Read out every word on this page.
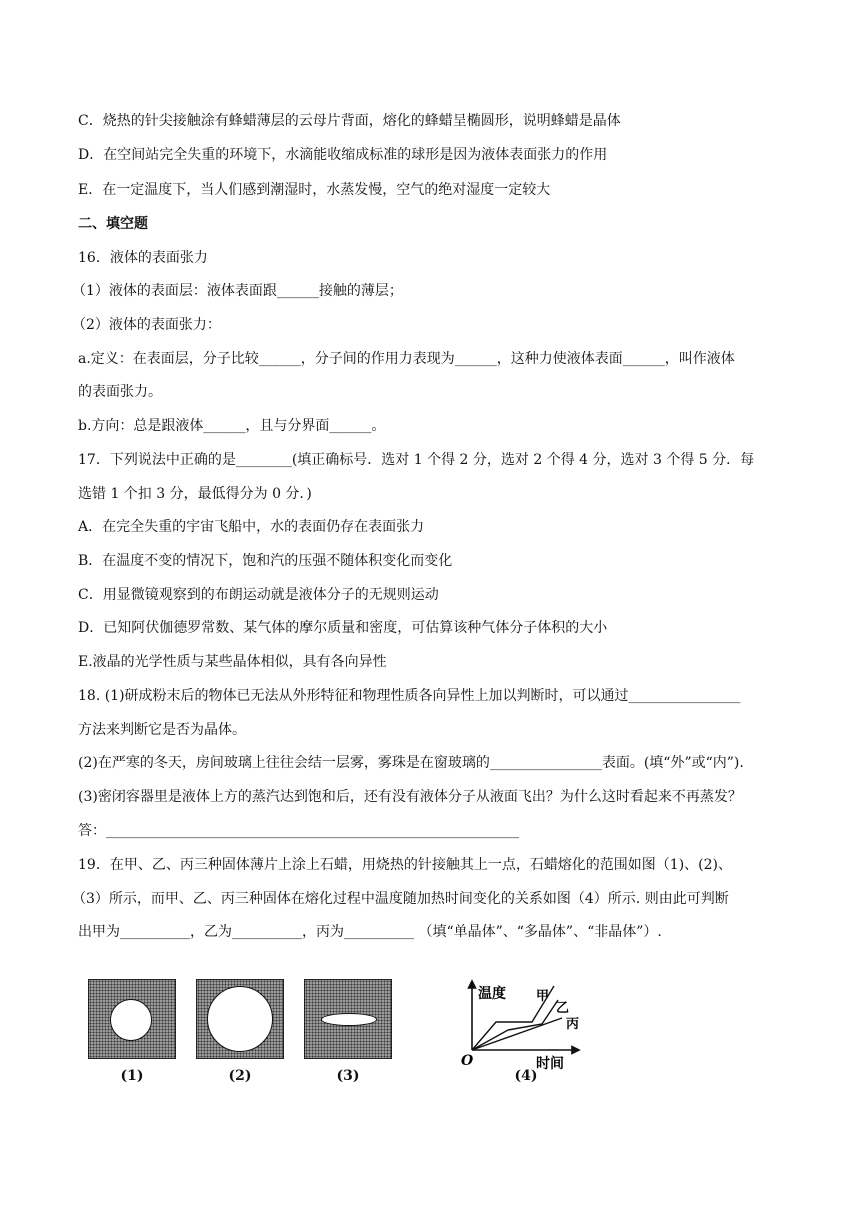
C．烧热的针尖接触涂有蜂蜡薄层的云母片背面，熔化的蜂蜡呈椭圆形，说明蜂蜡是晶体
D．在空间站完全失重的环境下，水滴能收缩成标准的球形是因为液体表面张力的作用
E．在一定温度下，当人们感到潮湿时，水蒸发慢，空气的绝对湿度一定较大
二、填空题
16．液体的表面张力
（1）液体的表面层：液体表面跟______接触的薄层；
（2）液体的表面张力：
a.定义：在表面层，分子比较______，分子间的作用力表现为______，这种力使液体表面______，叫作液体
的表面张力。
b.方向：总是跟液体______，且与分界面______。
17．下列说法中正确的是________(填正确标号．选对 1 个得 2 分，选对 2 个得 4 分，选对 3 个得 5 分．每
选错 1 个扣 3 分，最低得分为 0 分．)
A．在完全失重的宇宙飞船中，水的表面仍存在表面张力
B．在温度不变的情况下，饱和汽的压强不随体积变化而变化
C．用显微镜观察到的布朗运动就是液体分子的无规则运动
D．已知阿伏伽德罗常数、某气体的摩尔质量和密度，可估算该种气体分子体积的大小
E.液晶的光学性质与某些晶体相似，具有各向异性
18. (1)研成粉末后的物体已无法从外形特征和物理性质各向异性上加以判断时，可以通过________________
方法来判断它是否为晶体。
(2)在严寒的冬天，房间玻璃上往往会结一层雾，雾珠是在窗玻璃的________________表面。(填“外”或“内”).
(3)密闭容器里是液体上方的蒸汽达到饱和后，还有没有液体分子从液面飞出？为什么这时看起来不再蒸发？
答：___________________________________________________________
19．在甲、乙、丙三种固体薄片上涂上石蜡，用烧热的针接触其上一点，石蜡熔化的范围如图（1)、(2)、
（3）所示，而甲、乙、丙三种固体在熔化过程中温度随加热时间变化的关系如图（4）所示. 则由此可判断
出甲为__________，乙为__________，丙为__________ （填“单晶体”、“多晶体”、“非晶体”）.
(1)	(2)	(3)
温度 甲
乙
丙
O	时间
(4)
